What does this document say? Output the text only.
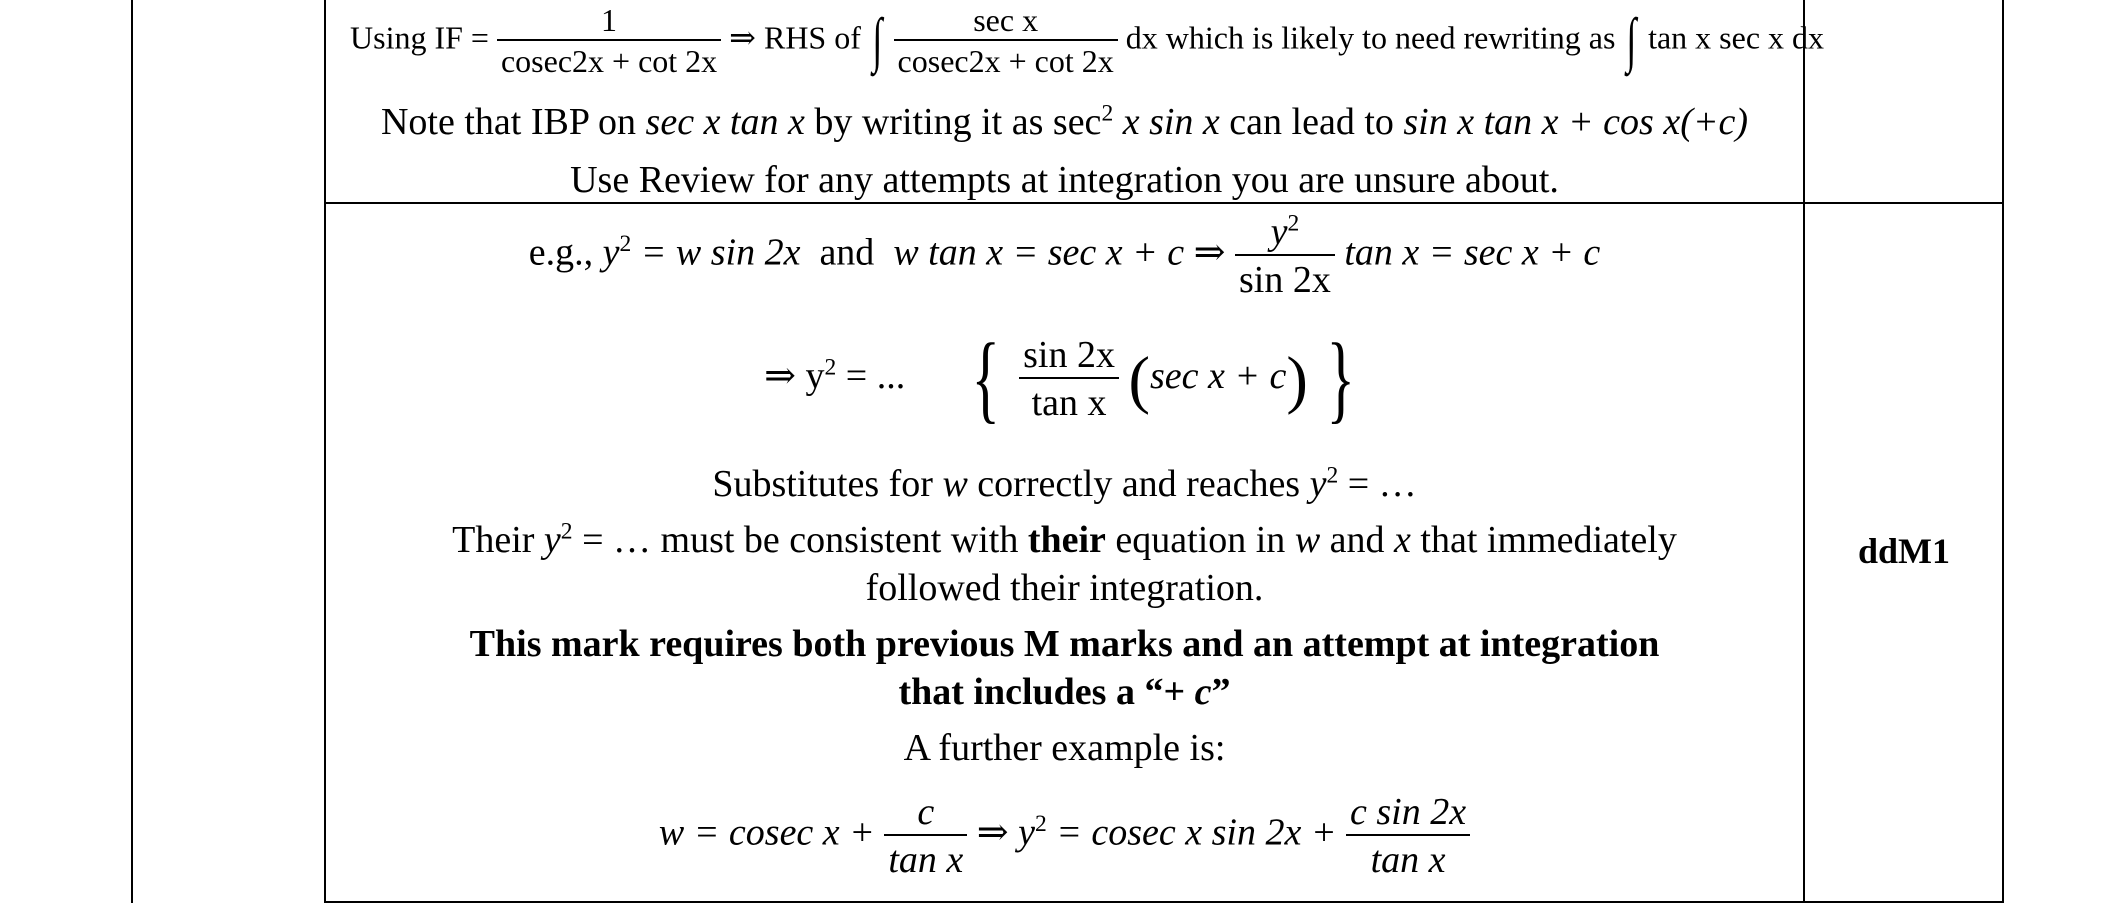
Using IF = $\frac{1}{cosec2x + \cot 2x}$ ⇒ RHS of ∫ $\frac{\text{sec x}}{cosec2x + \cot 2x}$ dx which is likely to need rewriting as ∫ tan x sec x dx
Note that IBP on sec x tan x by writing it as $\sec^2 x$ sin x can lead to sin x tan x + cos x(+c)
Use Review for any attempts at integration you are unsure about.
e.g., $y^2 = w$ sin 2x and w tan x = sec x + c ⇒ $\frac{y^2}{\sin 2x}$ tan x = sec x + c
⇒ $y^2$ = ... { $\frac{\sin 2x}{\text{tan x}} (\sec$ x + c) }
Substitutes for w correctly and reaches $y^2$ = …
Their $y^2$ = … must be consistent with their equation in w and x that immediately
followed their integration.
This mark requires both previous M marks and an attempt at integration
that includes a “+ c”
A further example is:
w = cosec $x + \frac{c}{\text{tan x}}$ ⇒ $y^2 = cosec$ x $\sin 2x + \frac{\text{c sin 2x}}{\text{tan x}}$
ddM1
